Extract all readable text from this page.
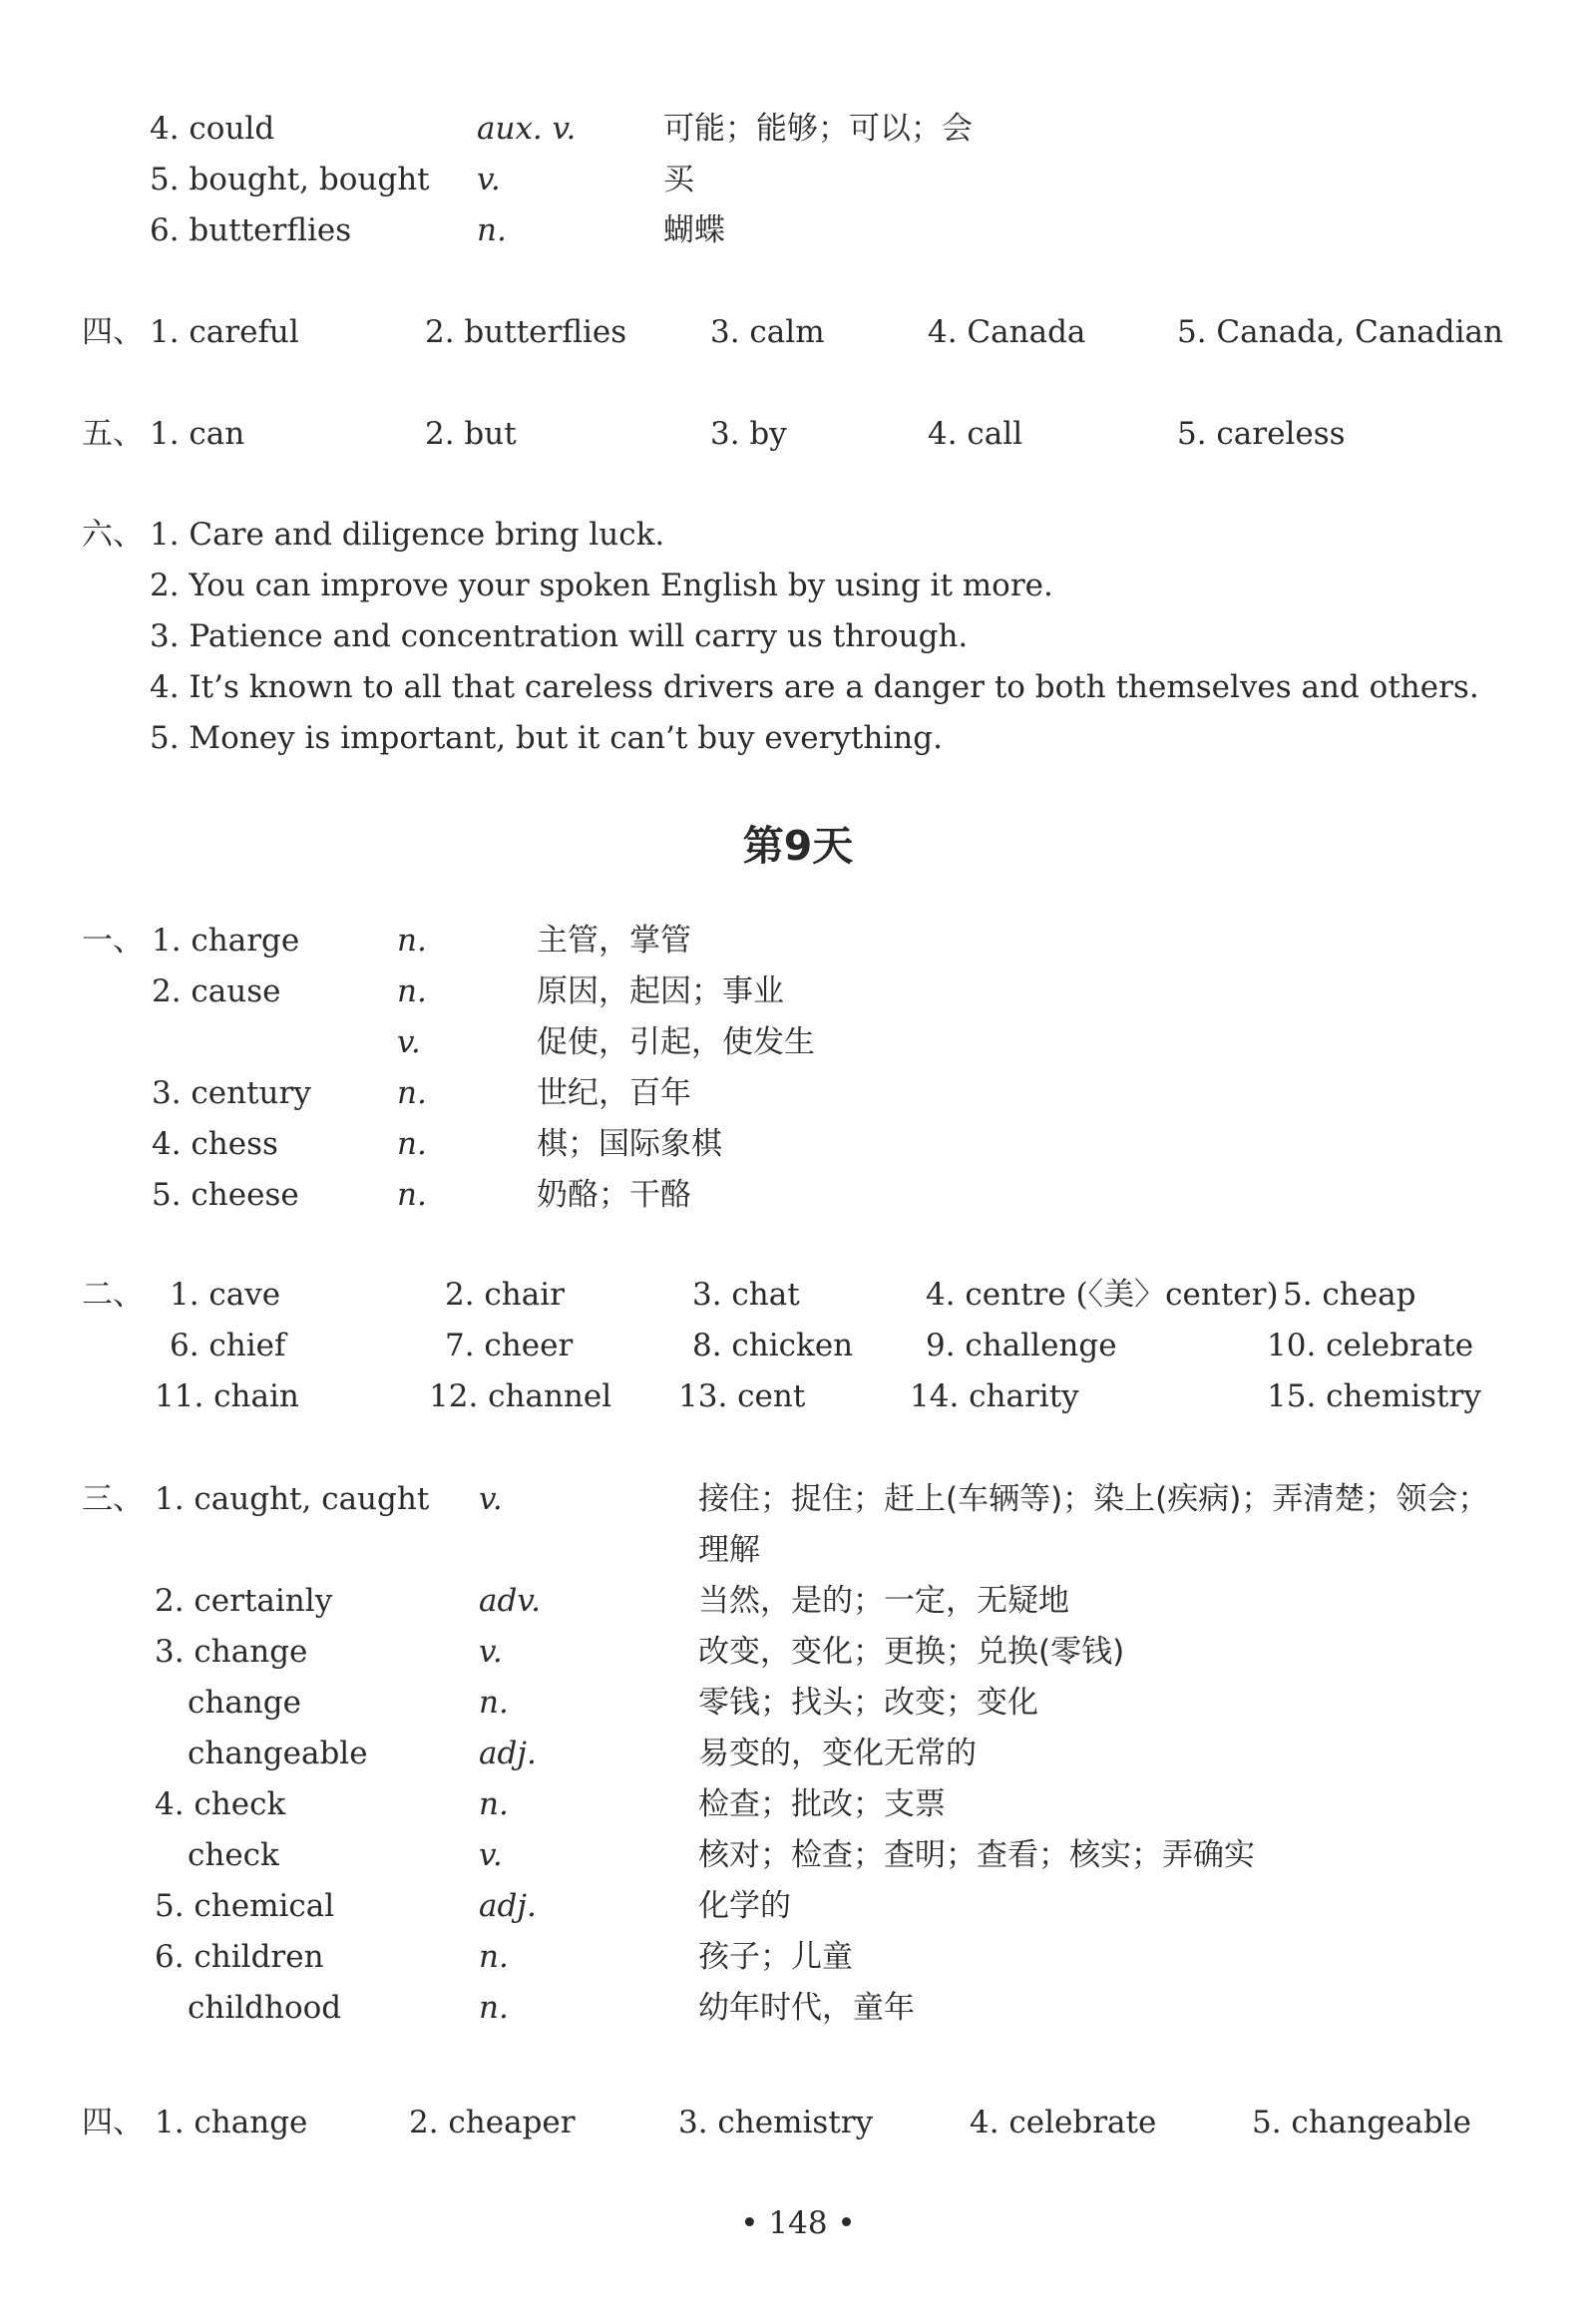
4. could	aux. v.	可能；能够；可以；会
5. bought, bought v.	买
6. butterflies	n.	蝴蝶
四、 1. careful	2. butterflies	3. calm	4. Canada	5. Canada, Canadian
五、 1. can	2. but	3. by	4. call	5. careless
六、 1. Care and diligence bring luck.
2. You can improve your spoken English by using it more.
3. Patience and concentration will carry us through.
4. It’s known to all that careless drivers are a danger to both themselves and others.
5. Money is important, but it can’t buy everything.
第9天
一、 1. charge	n.	主管，掌管
2. cause	n.	原因，起因；事业
v.	促使，引起，使发生
3. century	n.	世纪，百年
4. chess	n.	棋；国际象棋
5. cheese	n.	奶酪；干酪
二、 1. cave	2. chair	3. chat	4. centre (〈美〉center) 5. cheap
6. chief	7. cheer	8. chicken 9. challenge	10. celebrate
11. chain	12. channel 13. cent	14. charity	15. chemistry
三、 1. caught, caught v.	接住；捉住；赶上(车辆等)；染上(疾病)；弄清楚；领会；
理解
2. certainly	adv.	当然，是的；一定，无疑地
3. change	v.	改变，变化；更换；兑换(零钱)
change	n.	零钱；找头；改变；变化
changeable	adj.	易变的，变化无常的
4. check	n.	检查；批改；支票
check	v.	核对；检查；查明；查看；核实；弄确实
5. chemical	adj.	化学的
6. children	n.	孩子；儿童
childhood	n.	幼年时代，童年
四、 1. change	2. cheaper	3. chemistry	4. celebrate	5. changeable
• 148 •
